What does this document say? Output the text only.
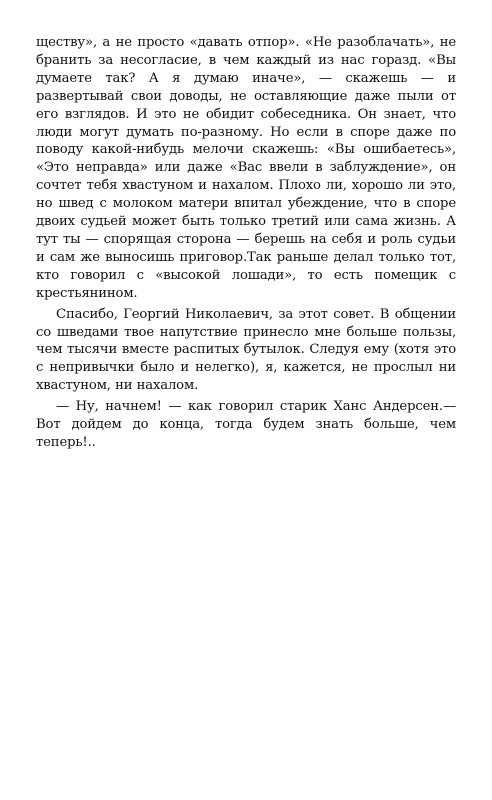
ществу», а не просто «давать отпор». «Не разоблачать», не бранить за несогласие, в чем каждый из нас горазд. «Вы думаете так? А я думаю иначе», — скажешь — и развертывай свои доводы, не оставляющие даже пыли от его взглядов. И это не обидит собеседника. Он знает, что люди могут думать по-разному. Но если в споре даже по поводу какой-нибудь мелочи скажешь: «Вы ошибаетесь», «Это неправда» или даже «Вас ввели в заблуждение», он сочтет тебя хвастуном и нахалом. Плохо ли, хорошо ли это, но швед с молоком матери впитал убеждение, что в споре двоих судьей может быть только третий или сама жизнь. А тут ты — спорящая сторона — берешь на себя и роль судьи и сам же выносишь приговор.Так раньше делал только тот, кто говорил с «высокой лошади», то есть помещик с крестьянином.

Спасибо, Георгий Николаевич, за этот совет. В общении со шведами твое напутствие принесло мне больше пользы, чем тысячи вместе распитых бутылок. Следуя ему (хотя это с непривычки было и нелегко), я, кажется, не прослыл ни хвастуном, ни нахалом.

— Ну, начнем! — как говорил старик Ханс Андерсен.— Вот дойдем до конца, тогда будем знать больше, чем теперь!..
